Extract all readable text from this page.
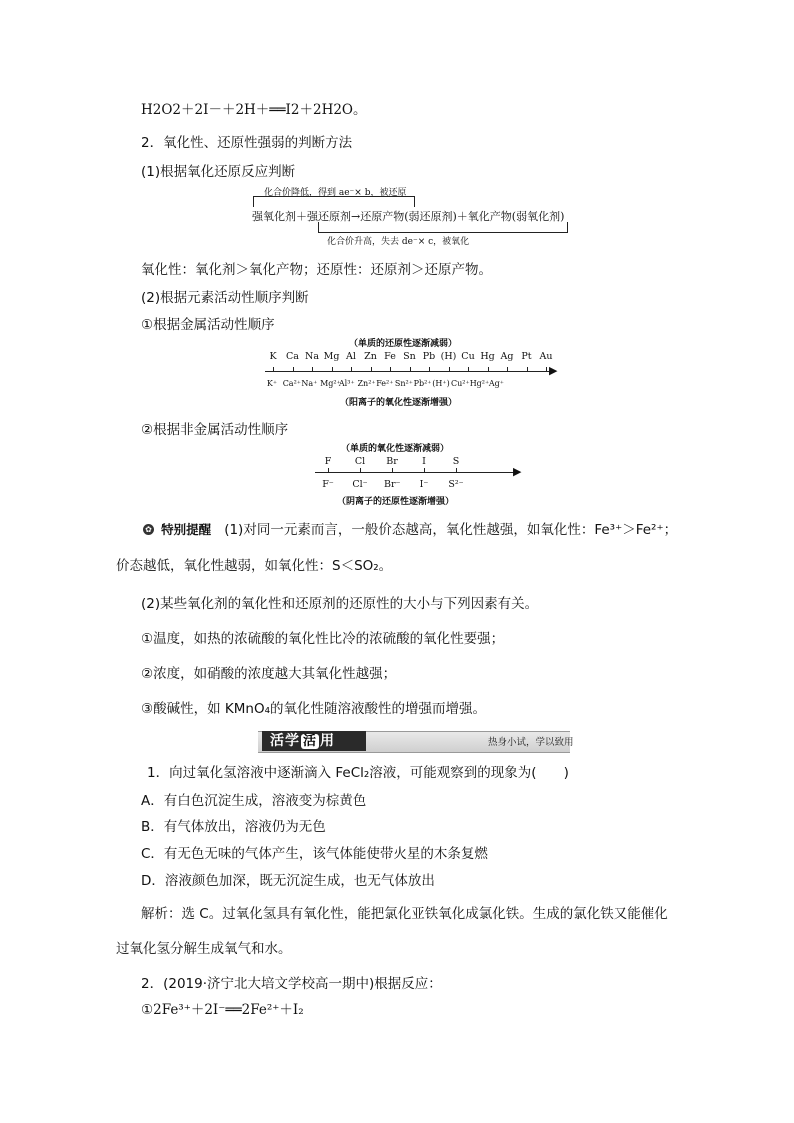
H2O2＋2I－＋2H＋══I2＋2H2O。
2．氧化性、还原性强弱的判断方法
(1)根据氧化还原反应判断
化合价降低，得到 ae⁻× b，被还原
强氧化剂＋强还原剂→还原产物(弱还原剂)＋氧化产物(弱氧化剂)
化合价升高，失去 de⁻× c，被氧化
氧化性：氧化剂＞氧化产物；还原性：还原剂＞还原产物。
(2)根据元素活动性顺序判断
①根据金属活动性顺序
（单质的还原性逐渐减弱）
K Ca Na Mg Al Zn Fe Sn Pb (H) Cu Hg Ag Pt Au
▶
K⁺ Ca²⁺ Na⁺ Mg²⁺
Al³⁺ Zn²⁺ Fe²⁺ Sn²⁺ Pb²⁺ (H⁺) Cu²⁺ Hg²⁺ Ag⁺
（阳离子的氧化性逐渐增强）
②根据非金属活动性顺序
（单质的氧化性逐渐减弱）
F	Cl Br	I	S
▶
F⁻ Cl⁻ Br⁻	I⁻	S²⁻
（阴离子的还原性逐渐增强）
✿ 特别提醒 (1)对同一元素而言，一般价态越高，氧化性越强，如氧化性：Fe³⁺＞Fe²⁺；
价态越低，氧化性越弱，如氧化性：S＜SO₂。
(2)某些氧化剂的氧化性和还原剂的还原性的大小与下列因素有关。
①温度，如热的浓硫酸的氧化性比冷的浓硫酸的氧化性要强；
②浓度，如硝酸的浓度越大其氧化性越强；
③酸碱性，如 KMnO₄的氧化性随溶液酸性的增强而增强。
活学 活 用	热身小试，学以致用
1．向过氧化氢溶液中逐渐滴入 FeCl₂溶液，可能观察到的现象为(　　)
A．有白色沉淀生成，溶液变为棕黄色
B．有气体放出，溶液仍为无色
C．有无色无味的气体产生，该气体能使带火星的木条复燃
D．溶液颜色加深，既无沉淀生成，也无气体放出
解析：选 C。过氧化氢具有氧化性，能把氯化亚铁氧化成氯化铁。生成的氯化铁又能催化
过氧化氢分解生成氧气和水。
2．(2019·济宁北大培文学校高一期中)根据反应：
①2Fe³⁺＋2I⁻══2Fe²⁺＋I₂
